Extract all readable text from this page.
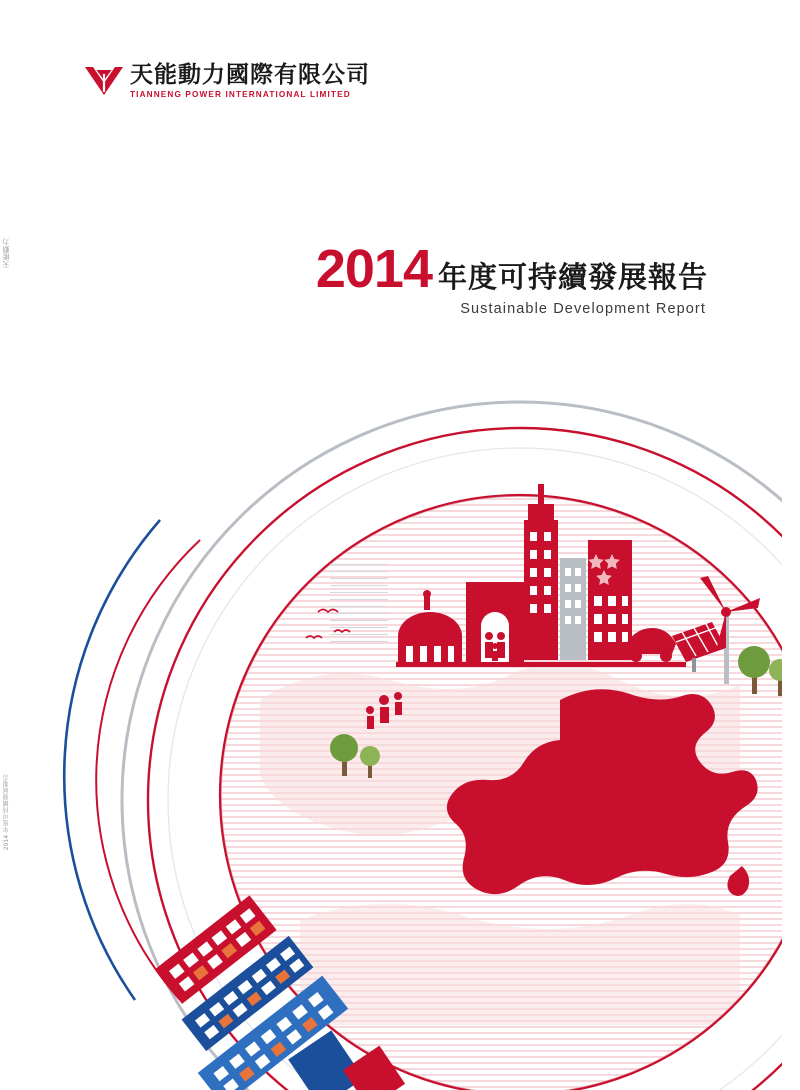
天能動力
2014 年度可持續發展報告
天能動力國際有限公司
TIANNENG POWER INTERNATIONAL LIMITED
2014 年度可持續發展報告
Sustainable Development Report
